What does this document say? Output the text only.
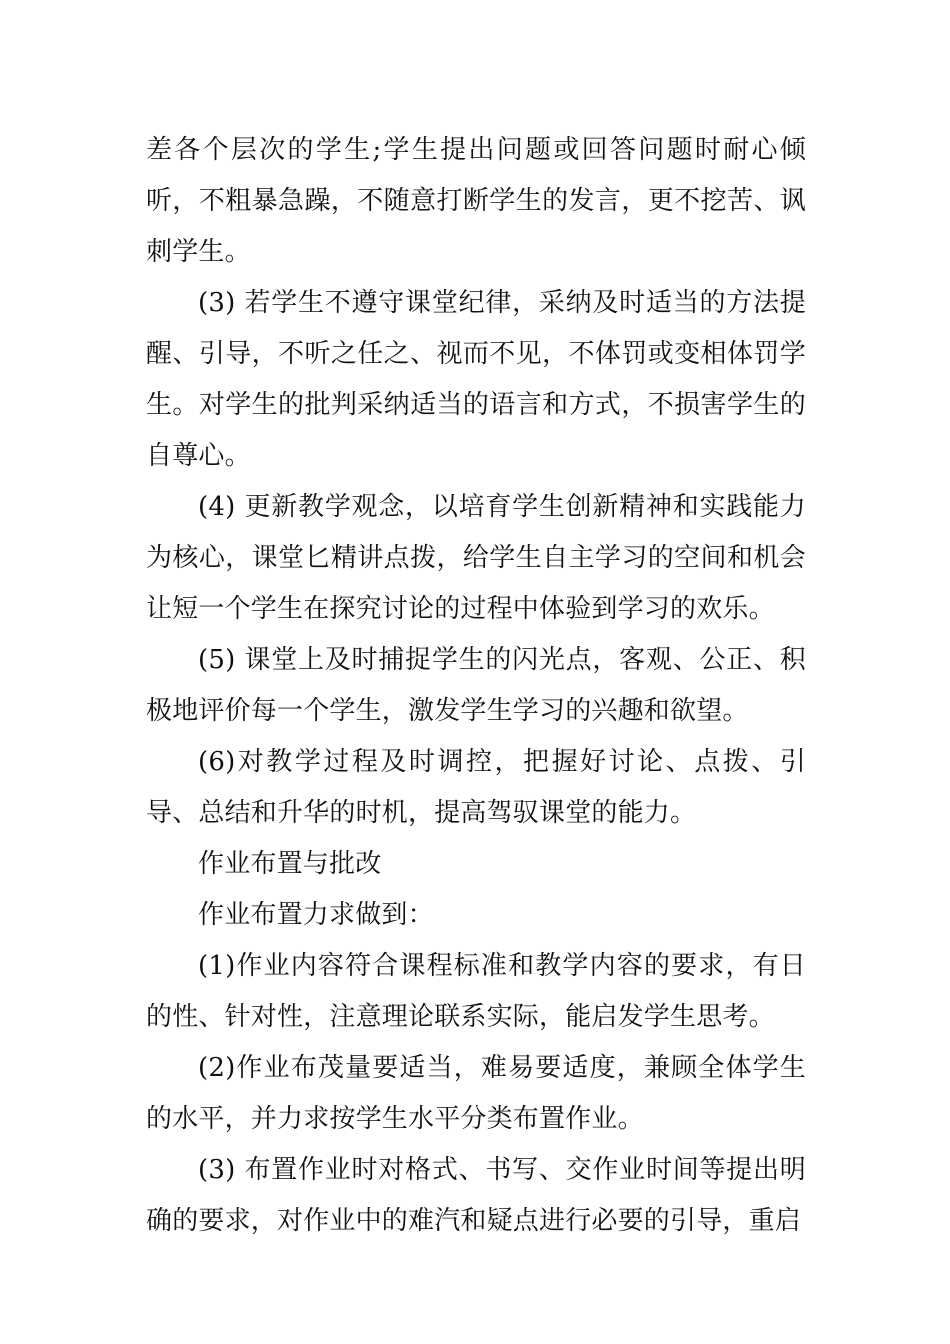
差各个层次的学生;学生提出问题或回答问题时耐心倾听，不粗暴急躁，不随意打断学生的发言，更不挖苦、讽刺学生。

(3) 若学生不遵守课堂纪律，采纳及时适当的方法提醒、引导，不听之任之、视而不见，不体罚或变相体罚学生。对学生的批判采纳适当的语言和方式，不损害学生的自尊心。

(4) 更新教学观念，以培育学生创新精神和实践能力为核心，课堂匕精讲点拨，给学生自主学习的空间和机会让短一个学生在探究讨论的过程中体验到学习的欢乐。

(5) 课堂上及时捕捉学生的闪光点，客观、公正、积极地评价每一个学生，激发学生学习的兴趣和欲望。

(6)对教学过程及时调控，把握好讨论、点拨、引导、总结和升华的时机，提高驾驭课堂的能力。

作业布置与批改

作业布置力求做到：

(1)作业内容符合课程标准和教学内容的要求，有日的性、针对性，注意理论联系实际，能启发学生思考。

(2)作业布茂量要适当，难易要适度，兼顾全体学生的水平，并力求按学生水平分类布置作业。

(3) 布置作业时对格式、书写、交作业时间等提出明确的要求，对作业中的难汽和疑点进行必要的引导，重启
